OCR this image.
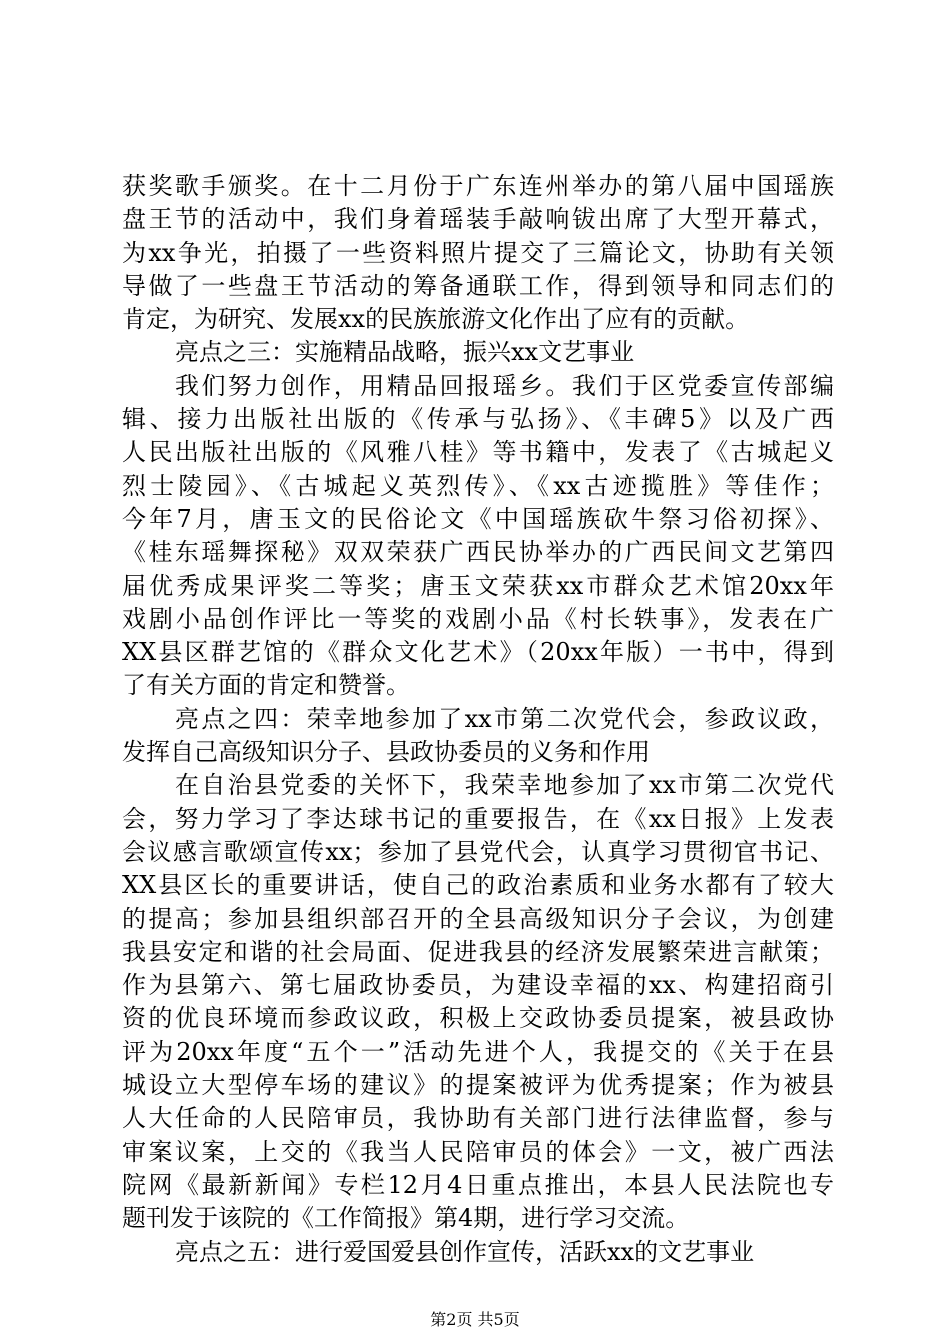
获奖歌手颁奖。在十二月份于广东连州举办的第八届中国瑶族
盘王节的活动中，我们身着瑶装手敲响钹出席了大型开幕式，
为xx争光，拍摄了一些资料照片提交了三篇论文，协助有关领
导做了一些盘王节活动的筹备通联工作，得到领导和同志们的
肯定，为研究、发展xx的民族旅游文化作出了应有的贡献。
亮点之三：实施精品战略，振兴xx文艺事业
我们努力创作，用精品回报瑶乡。我们于区党委宣传部编
辑、接力出版社出版的《传承与弘扬》、《丰碑5》以及广西
人民出版社出版的《风雅八桂》等书籍中，发表了《古城起义
烈士陵园》、《古城起义英烈传》、《xx古迹揽胜》等佳作；
今年7月，唐玉文的民俗论文《中国瑶族砍牛祭习俗初探》、
《桂东瑶舞探秘》双双荣获广西民协举办的广西民间文艺第四
届优秀成果评奖二等奖；唐玉文荣获xx市群众艺术馆20xx年
戏剧小品创作评比一等奖的戏剧小品《村长轶事》，发表在广
XX县区群艺馆的《群众文化艺术》（20xx年版）一书中，得到
了有关方面的肯定和赞誉。
亮点之四：荣幸地参加了xx市第二次党代会，参政议政，
发挥自己高级知识分子、县政协委员的义务和作用
在自治县党委的关怀下，我荣幸地参加了xx市第二次党代
会，努力学习了李达球书记的重要报告，在《xx日报》上发表
会议感言歌颂宣传xx；参加了县党代会，认真学习贯彻官书记、
XX县区长的重要讲话，使自己的政治素质和业务水都有了较大
的提高；参加县组织部召开的全县高级知识分子会议，为创建
我县安定和谐的社会局面、促进我县的经济发展繁荣进言献策；
作为县第六、第七届政协委员，为建设幸福的xx、构建招商引
资的优良环境而参政议政，积极上交政协委员提案，被县政协
评为20xx年度“五个一”活动先进个人，我提交的《关于在县
城设立大型停车场的建议》的提案被评为优秀提案；作为被县
人大任命的人民陪审员，我协助有关部门进行法律监督，参与
审案议案，上交的《我当人民陪审员的体会》一文，被广西法
院网《最新新闻》专栏12月4日重点推出，本县人民法院也专
题刊发于该院的《工作简报》第4期，进行学习交流。
亮点之五：进行爱国爱县创作宣传，活跃xx的文艺事业
第2页 共5页
